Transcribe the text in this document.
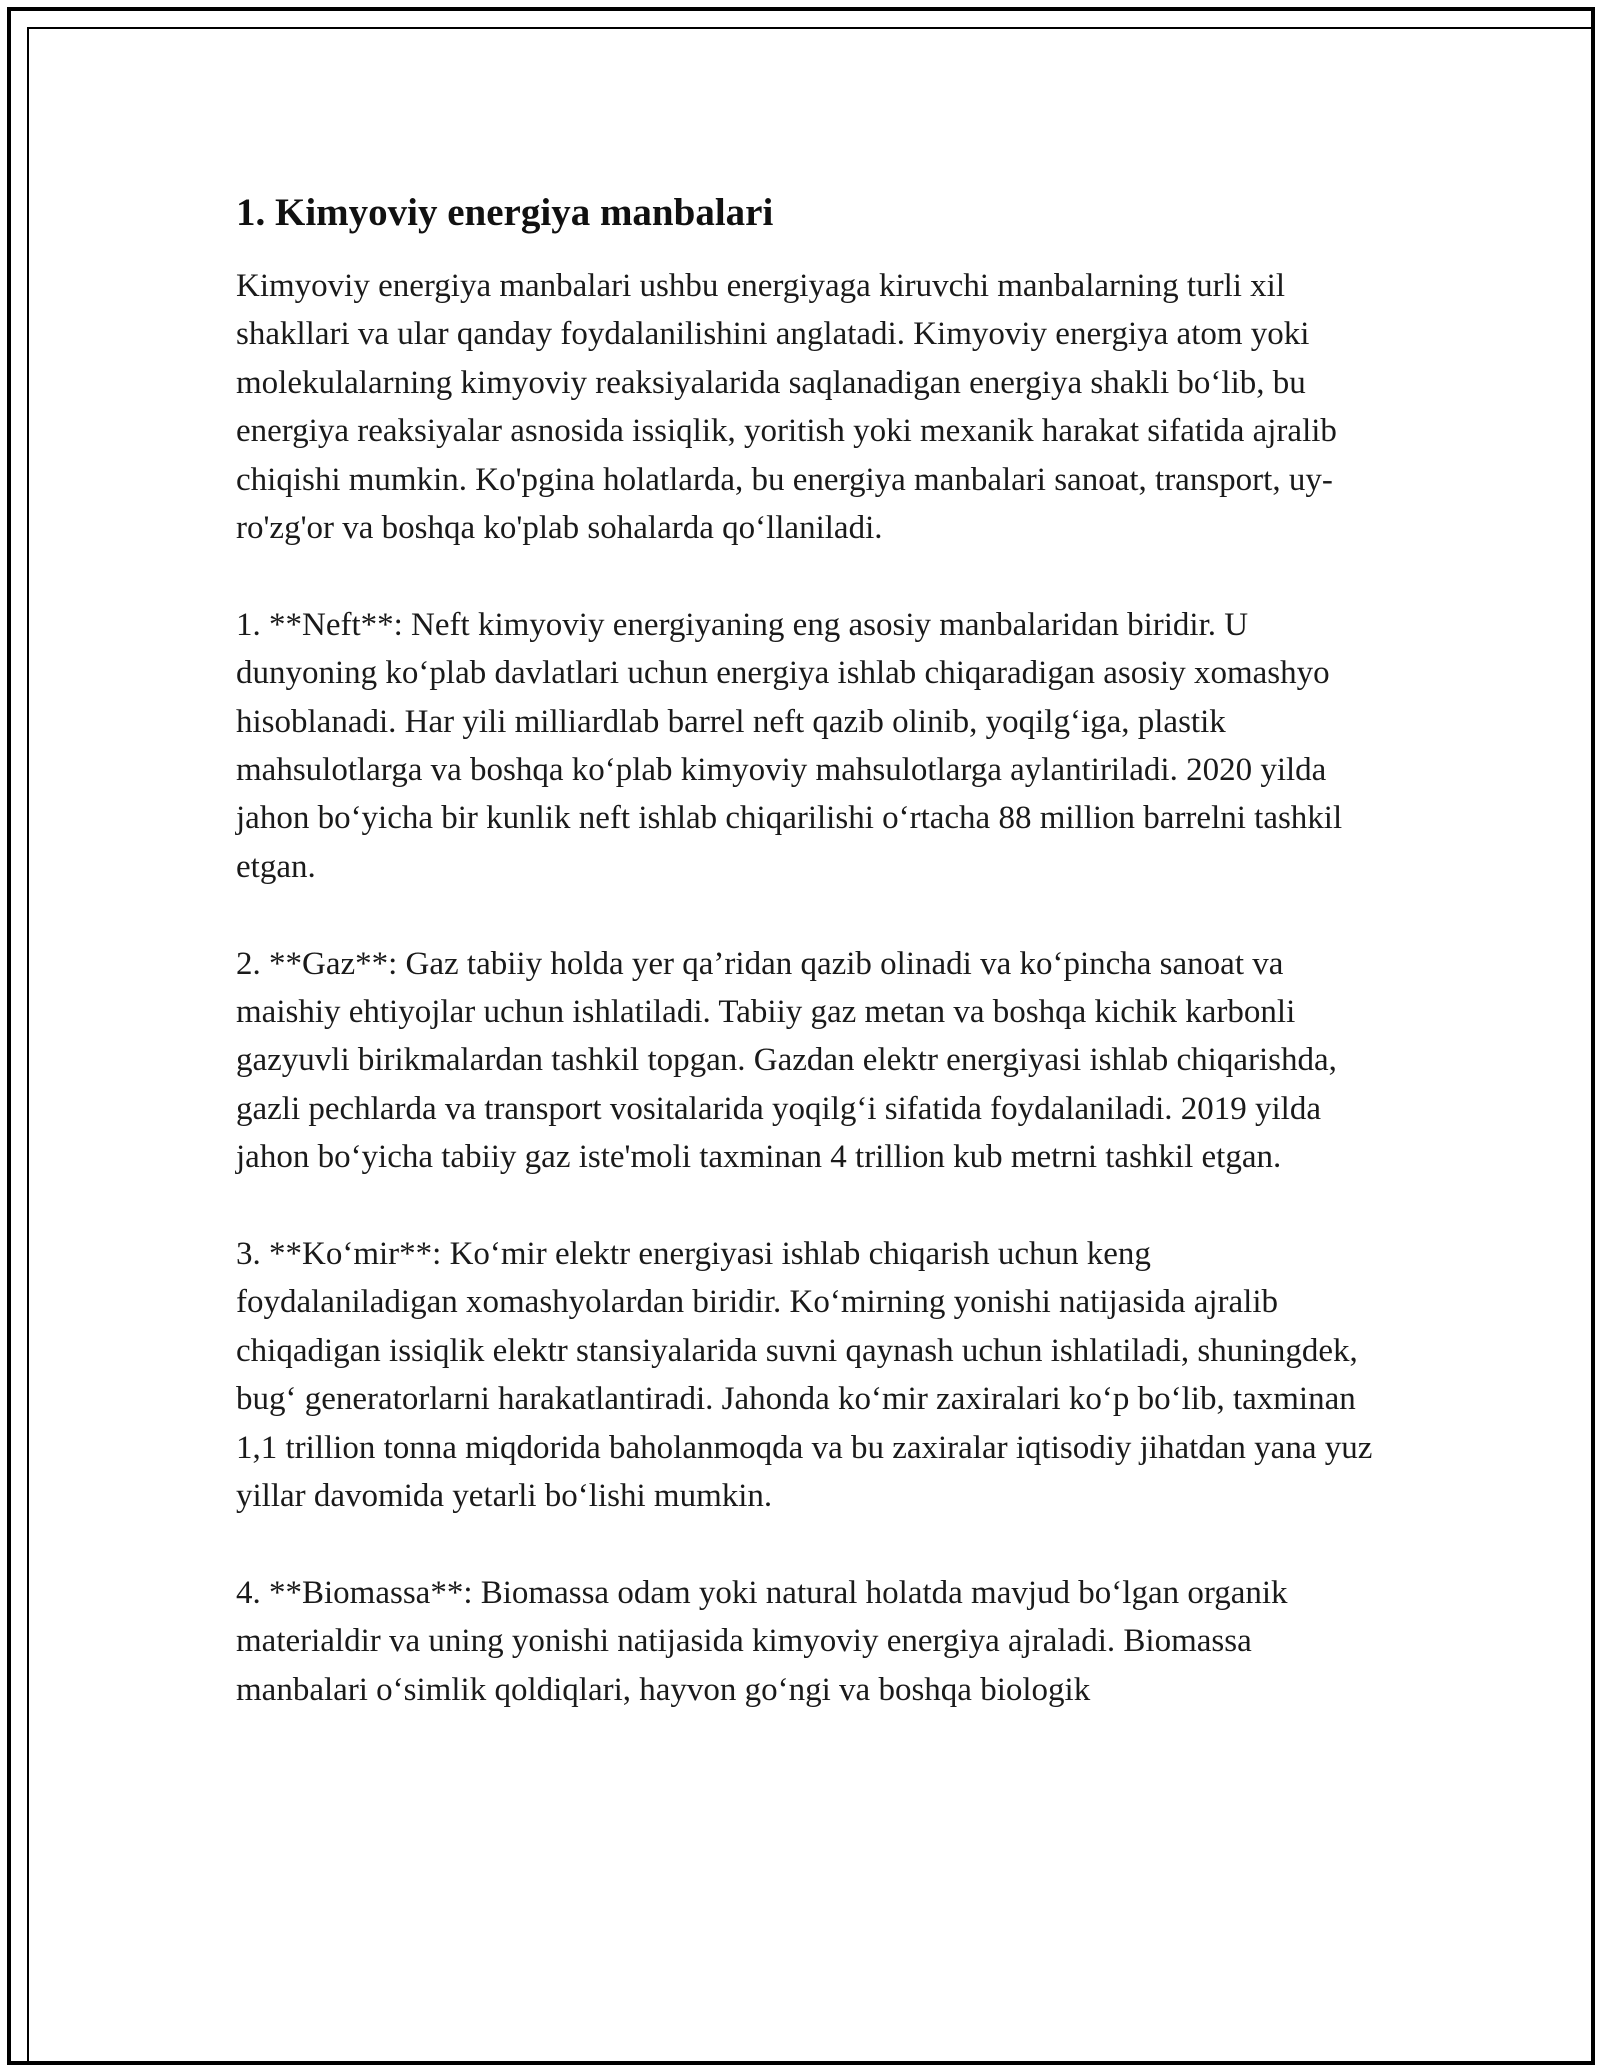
1. Kimyoviy energiya manbalari

Kimyoviy energiya manbalari ushbu energiyaga kiruvchi manbalarning turli xil shakllari va ular qanday foydalanilishini anglatadi. Kimyoviy energiya atom yoki molekulalarning kimyoviy reaksiyalarida saqlanadigan energiya shakli bo‘lib, bu energiya reaksiyalar asnosida issiqlik, yoritish yoki mexanik harakat sifatida ajralib chiqishi mumkin. Ko'pgina holatlarda, bu energiya manbalari sanoat, transport, uy-ro'zg'or va boshqa ko'plab sohalarda qo‘llaniladi.

1. **Neft**: Neft kimyoviy energiyaning eng asosiy manbalaridan biridir. U dunyoning ko‘plab davlatlari uchun energiya ishlab chiqaradigan asosiy xomashyo hisoblanadi. Har yili milliardlab barrel neft qazib olinib, yoqilg‘iga, plastik mahsulotlarga va boshqa ko‘plab kimyoviy mahsulotlarga aylantiriladi. 2020 yilda jahon bo‘yicha bir kunlik neft ishlab chiqarilishi o‘rtacha 88 million barrelni tashkil etgan.

2. **Gaz**: Gaz tabiiy holda yer qa’ridan qazib olinadi va ko‘pincha sanoat va maishiy ehtiyojlar uchun ishlatiladi. Tabiiy gaz metan va boshqa kichik karbonli gazyuvli birikmalardan tashkil topgan. Gazdan elektr energiyasi ishlab chiqarishda, gazli pechlarda va transport vositalarida yoqilg‘i sifatida foydalaniladi. 2019 yilda jahon bo‘yicha tabiiy gaz iste'moli taxminan 4 trillion kub metrni tashkil etgan.

3. **Ko‘mir**: Ko‘mir elektr energiyasi ishlab chiqarish uchun keng foydalaniladigan xomashyolardan biridir. Ko‘mirning yonishi natijasida ajralib chiqadigan issiqlik elektr stansiyalarida suvni qaynash uchun ishlatiladi, shuningdek, bug‘ generatorlarni harakatlantiradi. Jahonda ko‘mir zaxiralari ko‘p bo‘lib, taxminan 1,1 trillion tonna miqdorida baholanmoqda va bu zaxiralar iqtisodiy jihatdan yana yuz yillar davomida yetarli bo‘lishi mumkin.

4. **Biomassa**: Biomassa odam yoki natural holatda mavjud bo‘lgan organik materialdir va uning yonishi natijasida kimyoviy energiya ajraladi. Biomassa manbalari o‘simlik qoldiqlari, hayvon go‘ngi va boshqa biologik
